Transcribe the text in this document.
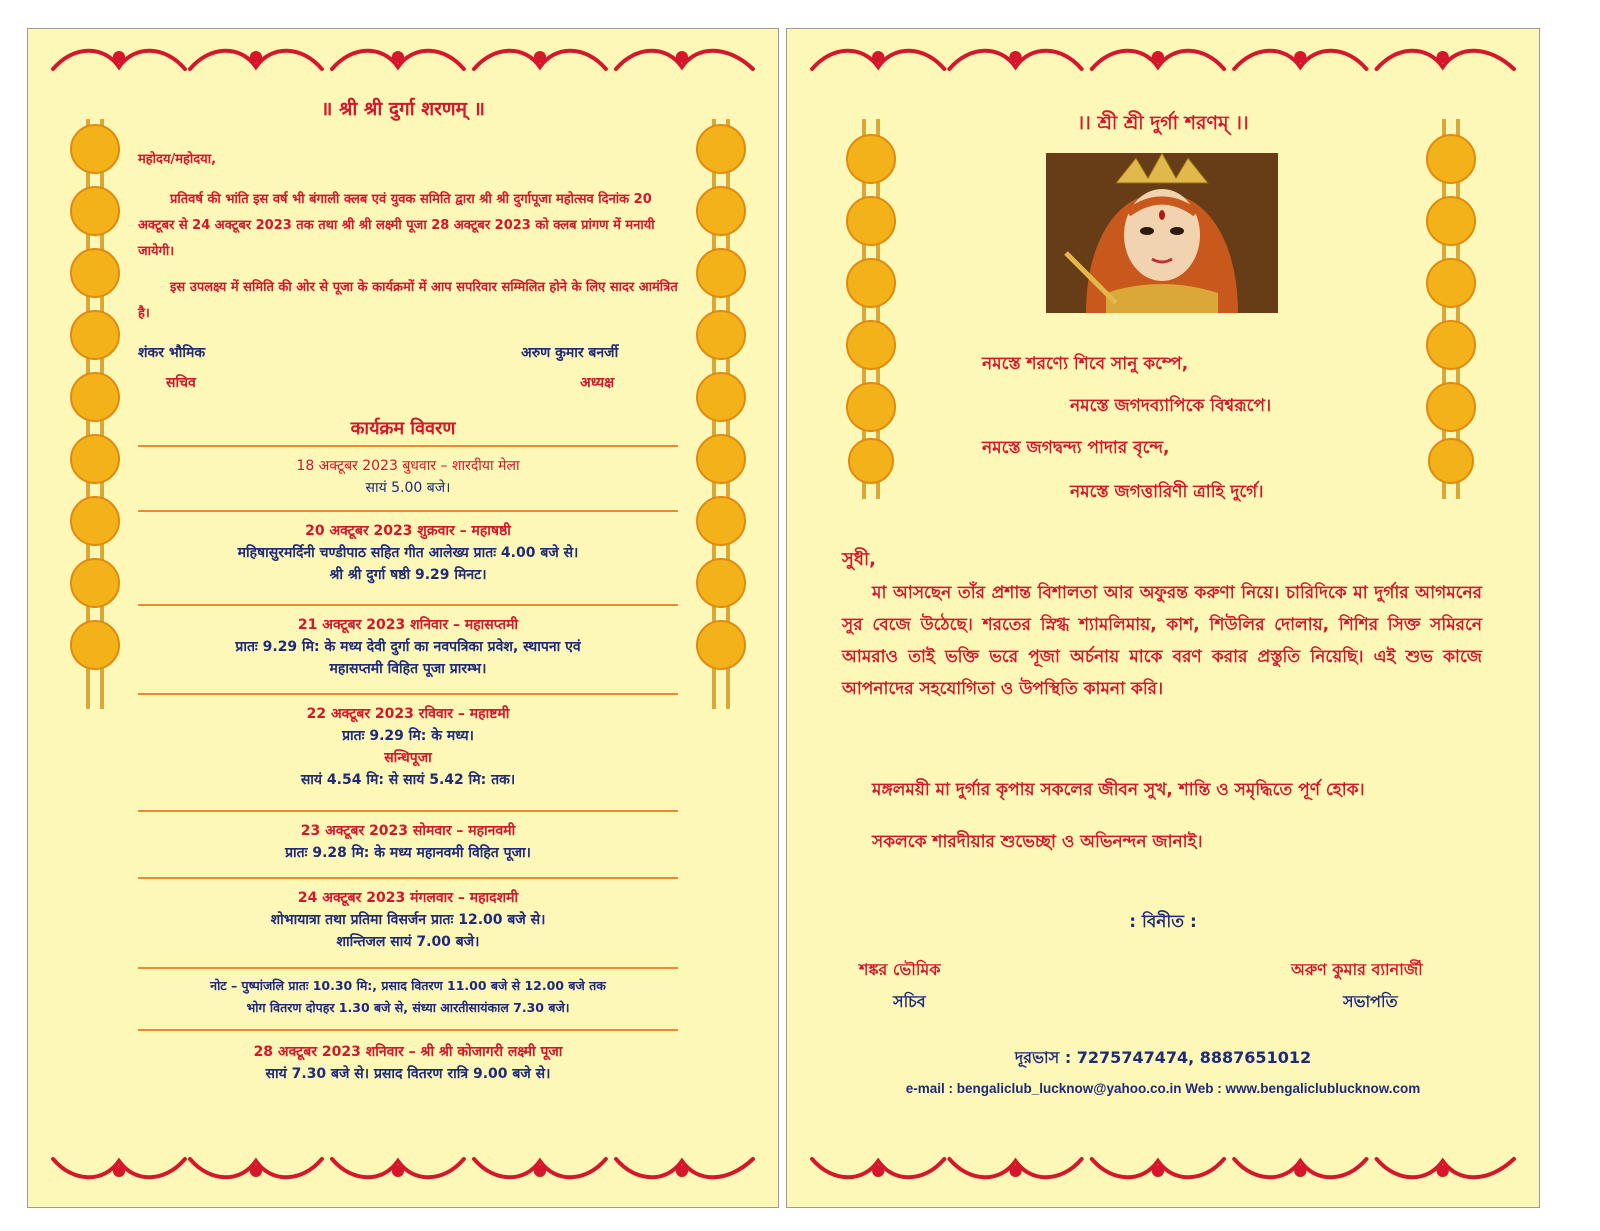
॥ श्री श्री दुर्गा शरणम् ॥
महोदय/महोदया,
प्रतिवर्ष की भांति इस वर्ष भी बंगाली क्लब एवं युवक समिति द्वारा श्री श्री दुर्गापूजा महोत्सव दिनांक 20 अक्टूबर से 24 अक्टूबर 2023 तक तथा श्री श्री लक्ष्मी पूजा 28 अक्टूबर 2023 को क्लब प्रांगण में मनायी जायेगी।
इस उपलक्ष्य में समिति की ओर से पूजा के कार्यक्रमों में आप सपरिवार सम्मिलित होने के लिए सादर आमंत्रित है।
शंकर भौमिक
सचिव
अरुण कुमार बनर्जी
अध्यक्ष
कार्यक्रम विवरण
18 अक्टूबर 2023 बुधवार – शारदीया मेला
सायं 5.00 बजे।
20 अक्टूबर 2023 शुक्रवार – महाषष्ठी
महिषासुरमर्दिनी चण्डीपाठ सहित गीत आलेख्य प्रातः 4.00 बजे से।
श्री श्री दुर्गा षष्ठी 9.29 मिनट।
21 अक्टूबर 2023 शनिवार – महासप्तमी
प्रातः 9.29 मि: के मध्य देवी दुर्गा का नवपत्रिका प्रवेश, स्थापना एवं
महासप्तमी विहित पूजा प्रारम्भ।
22 अक्टूबर 2023 रविवार – महाष्टमी
प्रातः 9.29 मि: के मध्य।
सन्धिपूजा
सायं 4.54 मि: से सायं 5.42 मि: तक।
23 अक्टूबर 2023 सोमवार – महानवमी
प्रातः 9.28 मि: के मध्य महानवमी विहित पूजा।
24 अक्टूबर 2023 मंगलवार – महादशमी
शोभायात्रा तथा प्रतिमा विसर्जन प्रातः 12.00 बजे से।
शान्तिजल सायं 7.00 बजे।
नोट – पुष्पांजलि प्रातः 10.30 मि:, प्रसाद वितरण 11.00 बजे से 12.00 बजे तक
भोग वितरण दोपहर 1.30 बजे से, संध्या आरतीसायंकाल 7.30 बजे।
28 अक्टूबर 2023 शनिवार – श्री श्री कोजागरी लक्ष्मी पूजा
सायं 7.30 बजे से। प्रसाद वितरण रात्रि 9.00 बजे से।
।। শ্রী শ্রী দুর্গা শরণম্ ।।
নমস্তে শরণ্যে শিবে সানু কম্পে,
নমস্তে জগদব্যাপিকে বিশ্বরূপে।
নমস্তে জগদ্বন্দ্য পাদার বৃন্দে,
নমস্তে জগত্তারিণী ত্রাহি দুর্গে।
সুধী,
মা আসছেন তাঁর প্রশান্ত বিশালতা আর অফুরন্ত করুণা নিয়ে। চারিদিকে মা দুর্গার আগমনের সুর বেজে উঠেছে। শরতের স্নিগ্ধ শ্যামলিমায়, কাশ, শিউলির দোলায়, শিশির সিক্ত সমিরনে আমরাও তাই ভক্তি ভরে পূজা অর্চনায় মাকে বরণ করার প্রস্তুতি নিয়েছি। এই শুভ কাজে আপনাদের সহযোগিতা ও উপস্থিতি কামনা করি।
মঙ্গলময়ী মা দুর্গার কৃপায় সকলের জীবন সুখ, শান্তি ও সমৃদ্ধিতে পূর্ণ হোক।
সকলকে শারদীয়ার শুভেচ্ছা ও অভিনন্দন জানাই।
: বিনীত :
শঙ্কর ভৌমিক
সচিব
অরুণ কুমার ব্যানার্জী
সভাপতি
দূরভাস : 7275747474, 8887651012
e-mail : bengaliclub_lucknow@yahoo.co.in Web : www.bengaliclublucknow.com
